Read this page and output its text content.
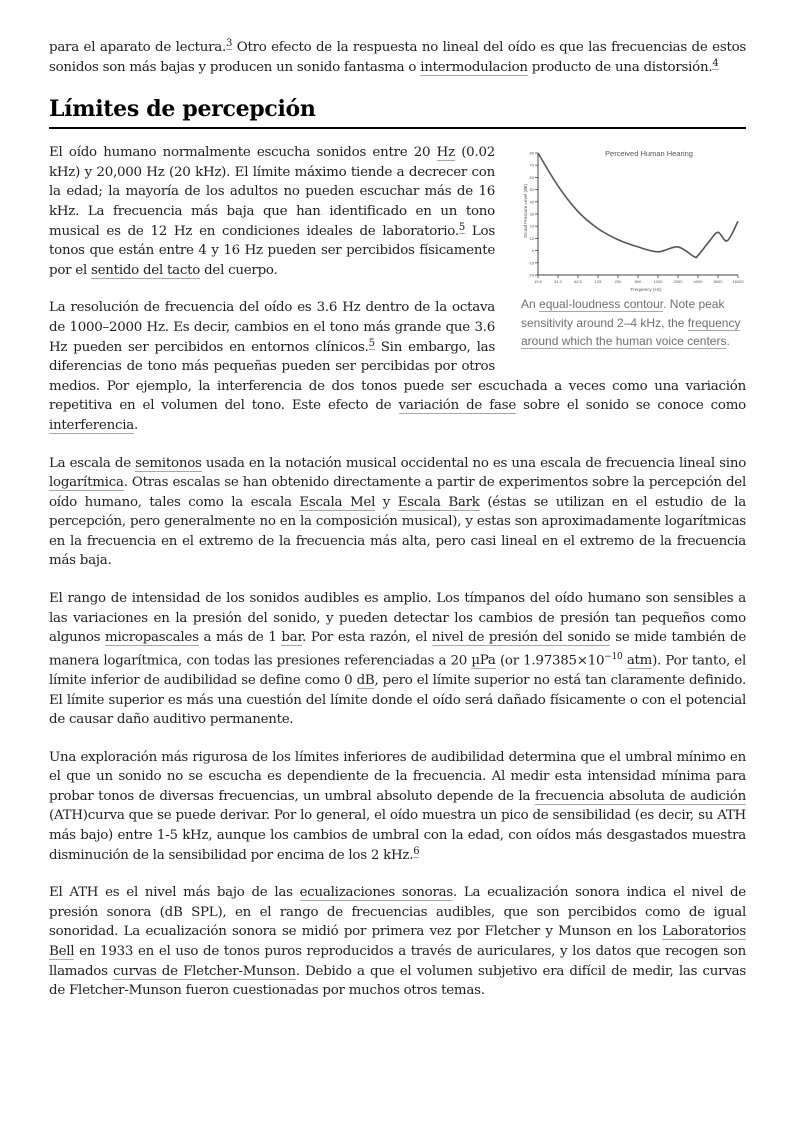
para el aparato de lectura.$^3$ Otro efecto de la respuesta no lineal del oído es que las frecuencias de estos sonidos son más bajas y producen un sonido fantasma o intermodulacion producto de una distorsión.$^4$

Límites de percepción
Perceived Human Hearing
Frequency (Hz)
Sound Pressure Level (dB)
80
70
60
50
40
30
20
10
0
-10
-20
15.6	31.2	62.5	125	250	500	1000	2000	4000	8000 16000
An equal-loudness contour. Note peak sensitivity around 2–4 kHz, the frequency around which the human voice centers.

El oído humano normalmente escucha sonidos entre 20 Hz (0.02 kHz) y 20,000 Hz (20 kHz). El límite máximo tiende a decrecer con la edad; la mayoría de los adultos no pueden escuchar más de 16 kHz. La frecuencia más baja que han identificado en un tono musical es de 12 Hz en condiciones ideales de laboratorio.$^5$ Los tonos que están entre 4 y 16 Hz pueden ser percibidos físicamente por el sentido del tacto del cuerpo.

La resolución de frecuencia del oído es 3.6 Hz dentro de la octava de 1000–2000 Hz. Es decir, cambios en el tono más grande que 3.6 Hz pueden ser percibidos en entornos clínicos.$^5$ Sin embargo, las diferencias de tono más pequeñas pueden ser percibidas por otros medios. Por ejemplo, la interferencia de dos tonos puede ser escuchada a veces como una variación repetitiva en el volumen del tono. Este efecto de variación de fase sobre el sonido se conoce como interferencia.

La escala de semitonos usada en la notación musical occidental no es una escala de frecuencia lineal sino logarítmica. Otras escalas se han obtenido directamente a partir de experimentos sobre la percepción del oído humano, tales como la escala Escala Mel y Escala Bark (éstas se utilizan en el estudio de la percepción, pero generalmente no en la composición musical), y estas son aproximadamente logarítmicas en la frecuencia en el extremo de la frecuencia más alta, pero casi lineal en el extremo de la frecuencia más baja.

El rango de intensidad de los sonidos audibles es amplio. Los tímpanos del oído humano son sensibles a las variaciones en la presión del sonido, y pueden detectar los cambios de presión tan pequeños como algunos micropascales a más de 1 bar. Por esta razón, el nivel de presión del sonido se mide también de manera logarítmica, con todas las presiones referenciadas a 20 µPa (or $1.97385\times 10^{-10}$ atm). Por tanto, el límite inferior de audibilidad se define como 0 dB, pero el límite superior no está tan claramente definido. El límite superior es más una cuestión del límite donde el oído será dañado físicamente o con el potencial de causar daño auditivo permanente.

Una exploración más rigurosa de los límites inferiores de audibilidad determina que el umbral mínimo en el que un sonido no se escucha es dependiente de la frecuencia. Al medir esta intensidad mínima para probar tonos de diversas frecuencias, un umbral absoluto depende de la frecuencia absoluta de audición (ATH)curva que se puede derivar. Por lo general, el oído muestra un pico de sensibilidad (es decir, su ATH más bajo) entre 1-5 kHz, aunque los cambios de umbral con la edad, con oídos más desgastados muestra disminución de la sensibilidad por encima de los 2 kHz.$^6$

El ATH es el nivel más bajo de las ecualizaciones sonoras. La ecualización sonora indica el nivel de presión sonora (dB SPL), en el rango de frecuencias audibles, que son percibidos como de igual sonoridad. La ecualización sonora se midió por primera vez por Fletcher y Munson en los Laboratorios Bell en 1933 en el uso de tonos puros reproducidos a través de auriculares, y los datos que recogen son llamados curvas de Fletcher-Munson. Debido a que el volumen subjetivo era difícil de medir, las curvas de Fletcher-Munson fueron cuestionadas por muchos otros temas.
